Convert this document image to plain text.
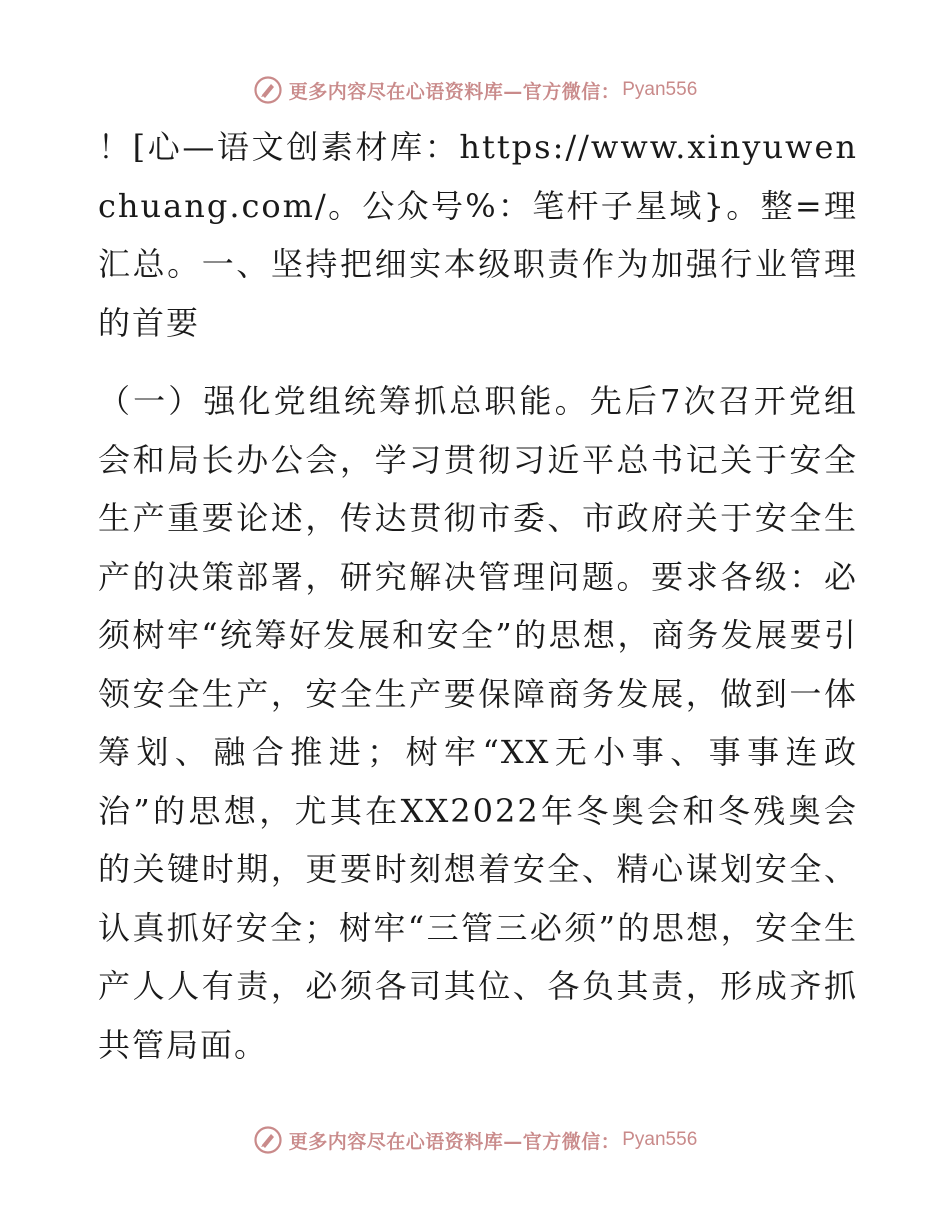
更多内容尽在心语资料库—官方微信： Pyan556

！[心—语文创素材库：https://www.xinyuwenchuang.com/。公众号%：笔杆子星域}。整=理汇总。一、坚持把细实本级职责作为加强行业管理的首要

（一）强化党组统筹抓总职能。先后7次召开党组会和局长办公会，学习贯彻习近平总书记关于安全生产重要论述，传达贯彻市委、市政府关于安全生产的决策部署，研究解决管理问题。要求各级：必须树牢“统筹好发展和安全”的思想，商务发展要引领安全生产，安全生产要保障商务发展，做到一体筹划、融合推进；树牢“XX无小事、事事连政治”的思想，尤其在XX2022年冬奥会和冬残奥会的关键时期，更要时刻想着安全、精心谋划安全、认真抓好安全；树牢“三管三必须”的思想，安全生产人人有责，必须各司其位、各负其责，形成齐抓共管局面。

更多内容尽在心语资料库—官方微信： Pyan556
